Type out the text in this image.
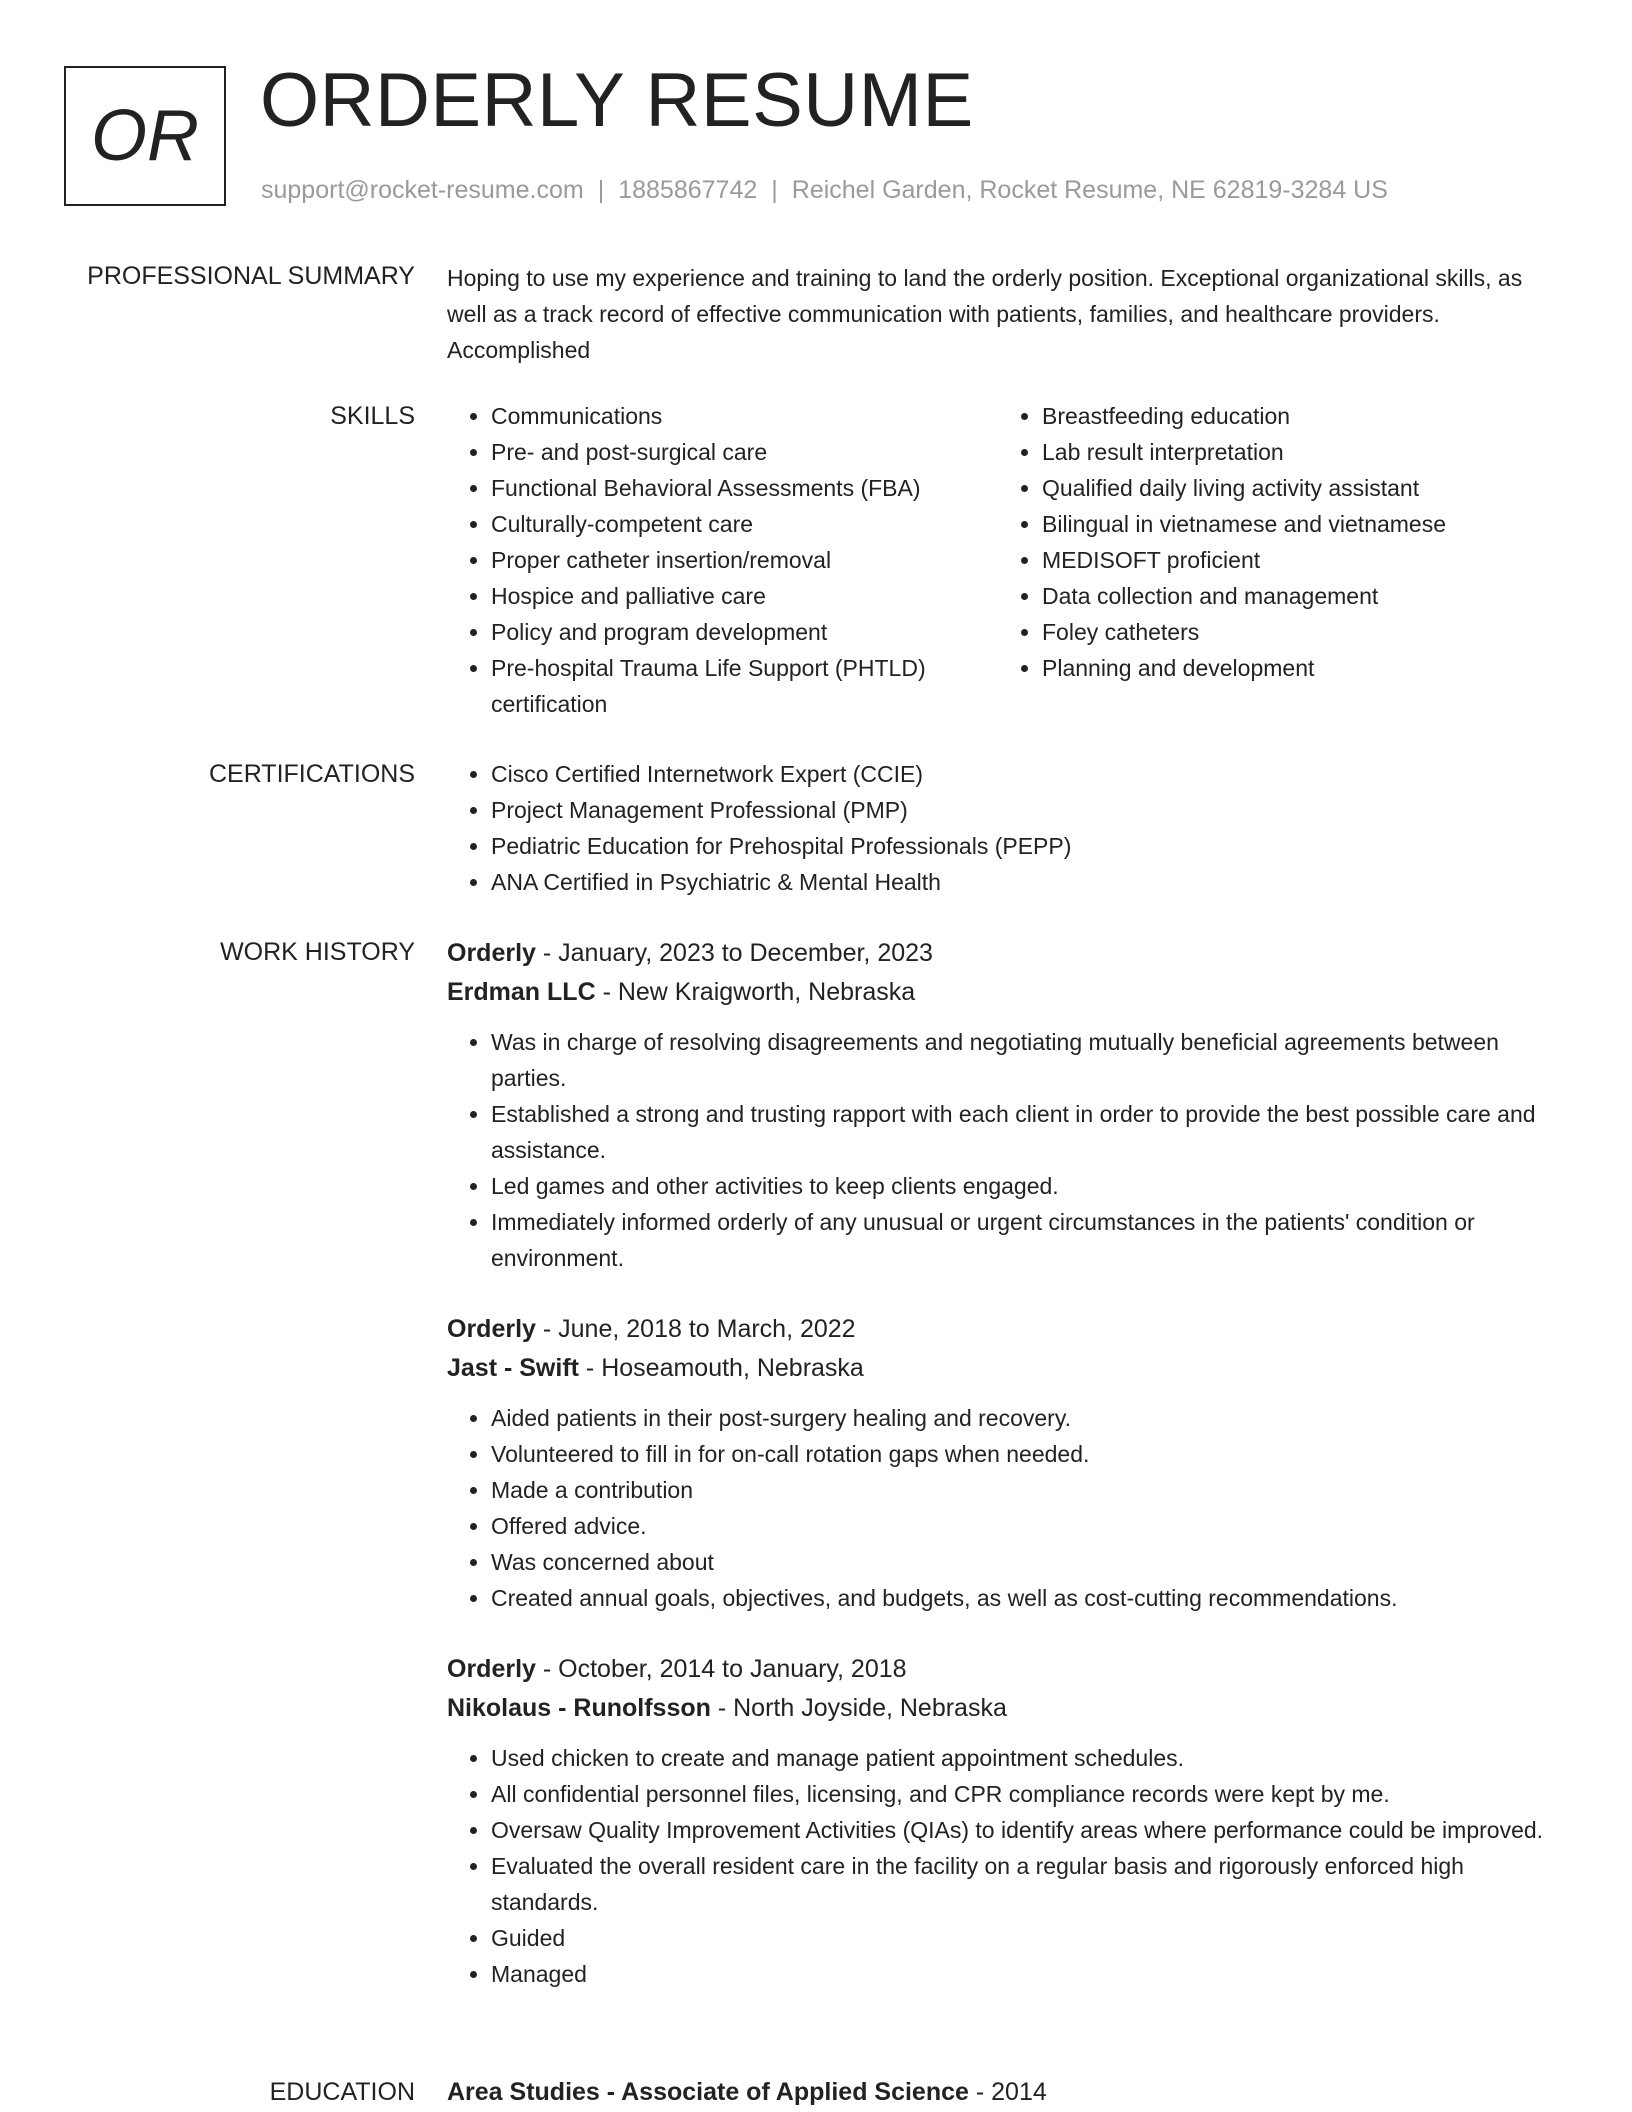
OR ORDERLY RESUME
support@rocket-resume.com | 1885867742 | Reichel Garden, Rocket Resume, NE 62819-3284 US
PROFESSIONAL SUMMARY Hoping to use my experience and training to land the orderly position. Exceptional organizational skills, as well as a track record of effective communication with patients, families, and healthcare providers. Accomplished

SKILLS	• Communications
• Pre- and post-surgical care
• Functional Behavioral Assessments (FBA)
• Culturally-competent care
• Proper catheter insertion/removal
• Hospice and palliative care
• Policy and program development
• Pre-hospital Trauma Life Support (PHTLD) certification
• Breastfeeding education
• Lab result interpretation
• Qualified daily living activity assistant
• Bilingual in vietnamese and vietnamese
• MEDISOFT proficient
• Data collection and management
• Foley catheters
• Planning and development
CERTIFICATIONS	• Cisco Certified Internetwork Expert (CCIE)
• Project Management Professional (PMP)
• Pediatric Education for Prehospital Professionals (PEPP)
• ANA Certified in Psychiatric & Mental Health
WORK HISTORY Orderly - January, 2023 to December, 2023
Erdman LLC - New Kraigworth, Nebraska
• Was in charge of resolving disagreements and negotiating mutually beneficial agreements between parties.
• Established a strong and trusting rapport with each client in order to provide the best possible care and assistance.
• Led games and other activities to keep clients engaged.
• Immediately informed orderly of any unusual or urgent circumstances in the patients' condition or environment.
Orderly - June, 2018 to March, 2022
Jast - Swift - Hoseamouth, Nebraska
• Aided patients in their post-surgery healing and recovery.
• Volunteered to fill in for on-call rotation gaps when needed.
• Made a contribution
• Offered advice.
• Was concerned about
• Created annual goals, objectives, and budgets, as well as cost-cutting recommendations.
Orderly - October, 2014 to January, 2018
Nikolaus - Runolfsson - North Joyside, Nebraska
• Used chicken to create and manage patient appointment schedules.
• All confidential personnel files, licensing, and CPR compliance records were kept by me.
• Oversaw Quality Improvement Activities (QIAs) to identify areas where performance could be improved.
• Evaluated the overall resident care in the facility on a regular basis and rigorously enforced high standards.
• Guided
• Managed
EDUCATION Area Studies - Associate of Applied Science - 2014
